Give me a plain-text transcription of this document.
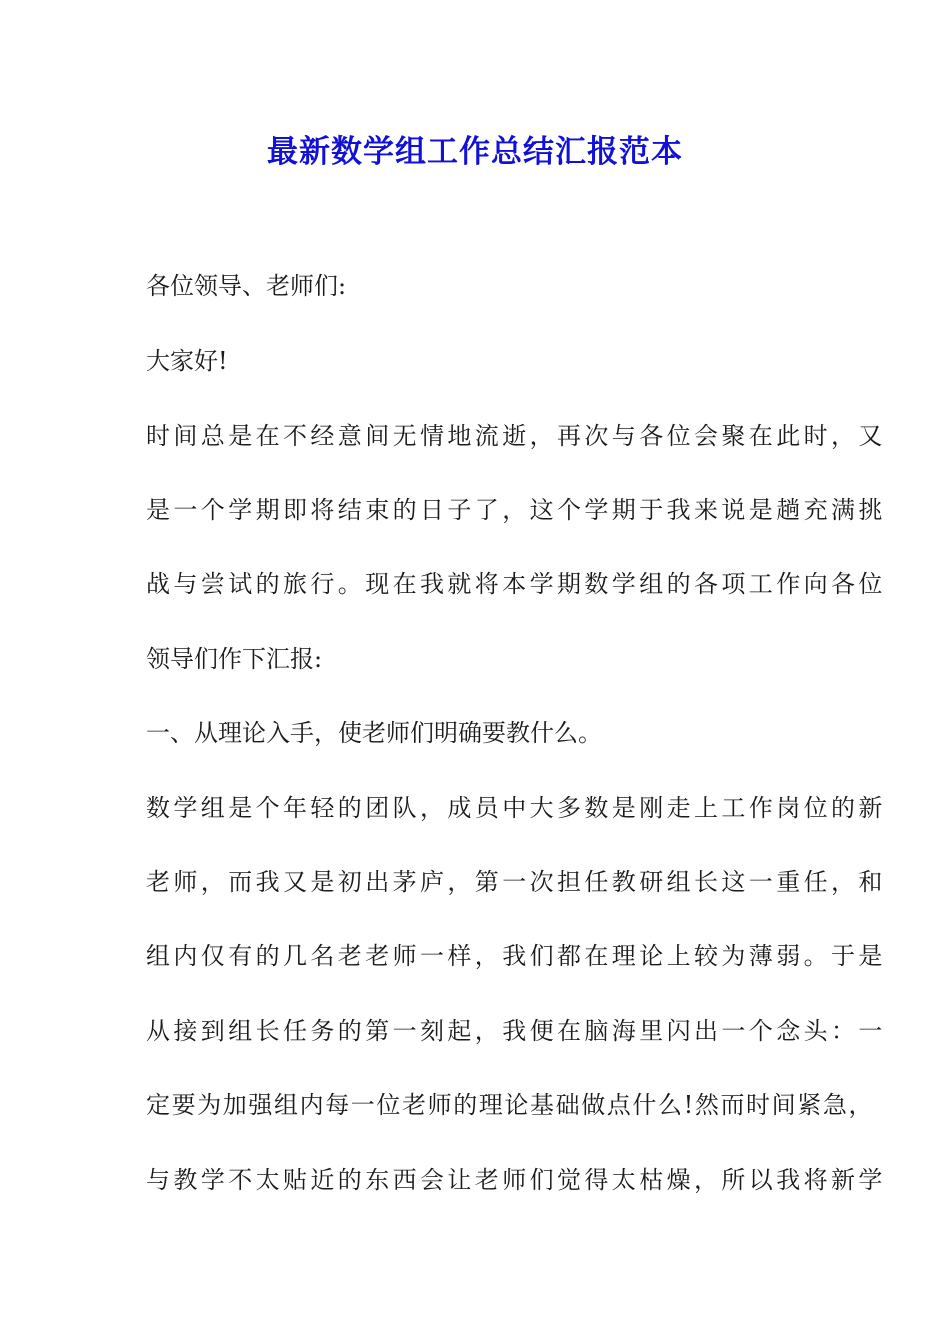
最新数学组工作总结汇报范本
各位领导、老师们:
大家好!
时间总是在不经意间无情地流逝，再次与各位会聚在此时，又
是一个学期即将结束的日子了，这个学期于我来说是趟充满挑
战与尝试的旅行。现在我就将本学期数学组的各项工作向各位
领导们作下汇报:
一、从理论入手，使老师们明确要教什么。
数学组是个年轻的团队，成员中大多数是刚走上工作岗位的新
老师，而我又是初出茅庐，第一次担任教研组长这一重任，和
组内仅有的几名老老师一样，我们都在理论上较为薄弱。于是
从接到组长任务的第一刻起，我便在脑海里闪出一个念头：一
定要为加强组内每一位老师的理论基础做点什么!然而时间紧急，
与教学不太贴近的东西会让老师们觉得太枯燥，所以我将新学
